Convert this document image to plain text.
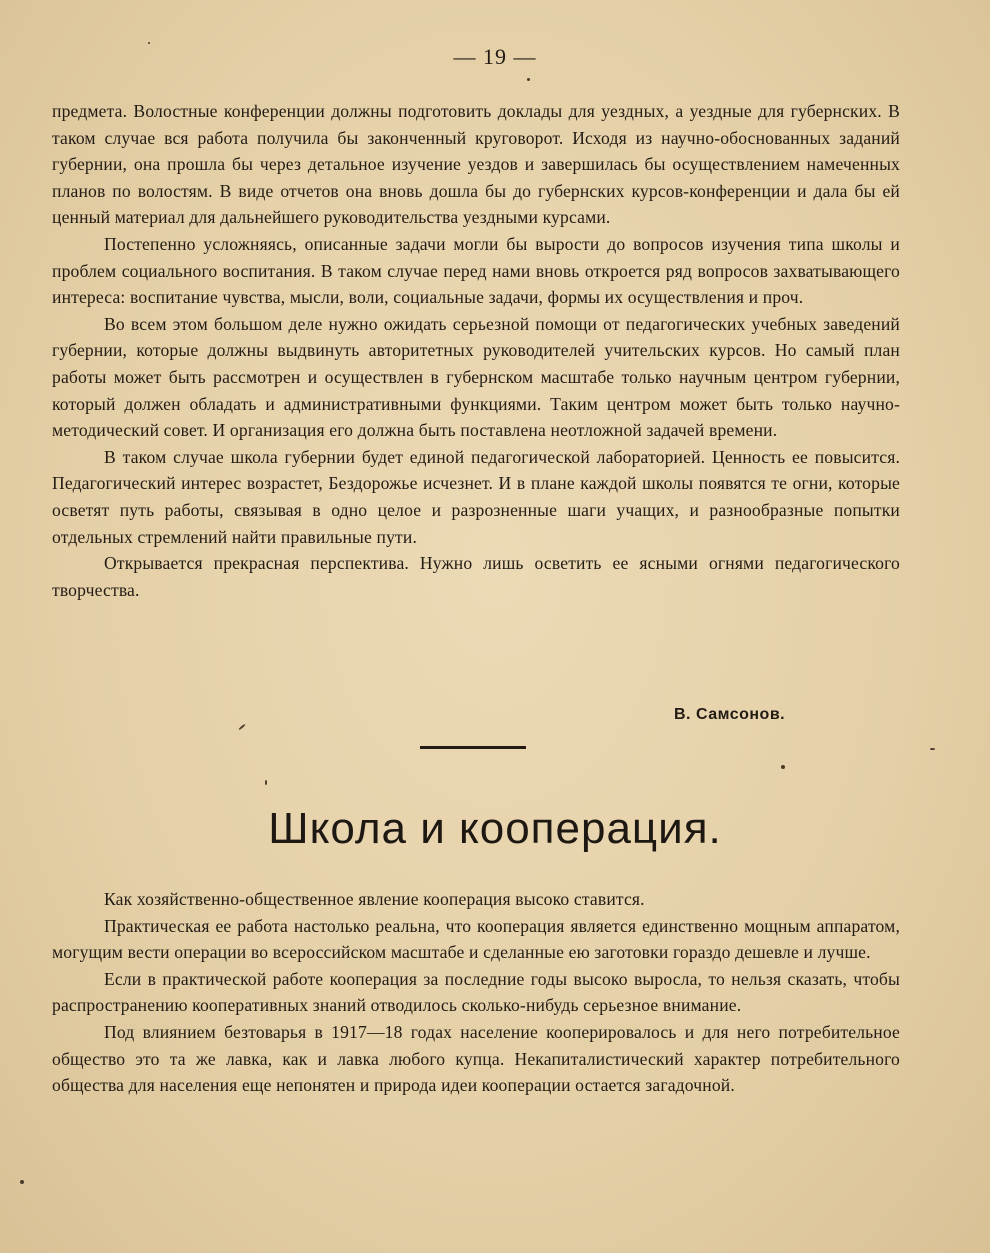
— 19 —

предмета. Волостные конференции должны подготовить доклады для уездных, а уездные для губернских. В таком случае вся работа получила бы законченный круговорот. Исходя из научно-обоснованных заданий губернии, она прошла бы через детальное изучение уездов и завершилась бы осуществлением намеченных планов по волостям. В виде отчетов она вновь дошла бы до губернских курсов-конференции и дала бы ей ценный материал для дальнейшего руководительства уездными курсами.

Постепенно усложняясь, описанные задачи могли бы вырости до вопросов изучения типа школы и проблем социального воспитания. В таком случае перед нами вновь откроется ряд вопросов захватывающего интереса: воспитание чувства, мысли, воли, социальные задачи, формы их осуществления и проч.

Во всем этом большом деле нужно ожидать серьезной помощи от педагогических учебных заведений губернии, которые должны выдвинуть авторитетных руководителей учительских курсов. Но самый план работы может быть рассмотрен и осуществлен в губернском масштабе только научным центром губернии, который должен обладать и административными функциями. Таким центром может быть только научно-методический совет. И организация его должна быть поставлена неотложной задачей времени.

В таком случае школа губернии будет единой педагогической лабораторией. Ценность ее повысится. Педагогический интерес возрастет, Бездорожье исчезнет. И в плане каждой школы появятся те огни, которые осветят путь работы, связывая в одно целое и разрозненные шаги учащих, и разнообразные попытки отдельных стремлений найти правильные пути.

Открывается прекрасная перспектива. Нужно лишь осветить ее ясными огнями педагогического творчества.

В. Самсонов.
Школа и кооперация.

Как хозяйственно-общественное явление кооперация высоко ставится.

Практическая ее работа настолько реальна, что кооперация является единственно мощным аппаратом, могущим вести операции во всероссийском масштабе и сделанные ею заготовки гораздо дешевле и лучше.

Если в практической работе кооперация за последние годы высоко выросла, то нельзя сказать, чтобы распространению кооперативных знаний отводилось сколько-нибудь серьезное внимание.

Под влиянием безтоварья в 1917—18 годах население кооперировалось и для него потребительное общество это та же лавка, как и лавка любого купца. Некапиталистический характер потребительного общества для населения еще непонятен и природа идеи кооперации остается загадочной.
